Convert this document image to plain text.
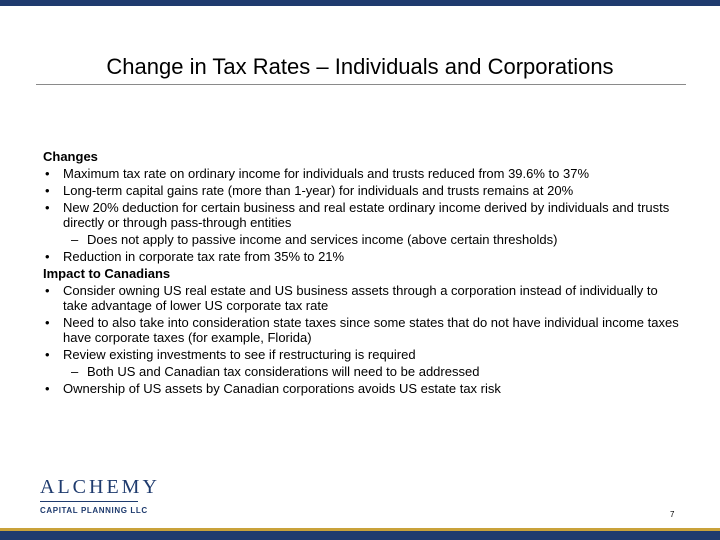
Change in Tax Rates – Individuals and Corporations

Changes

• Maximum tax rate on ordinary income for individuals and trusts reduced from 39.6% to 37%
• Long-term capital gains rate (more than 1-year) for individuals and trusts remains at 20%
• New 20% deduction for certain business and real estate ordinary income derived by individuals and trusts directly or through pass-through entities
– Does not apply to passive income and services income (above certain thresholds)
• Reduction in corporate tax rate from 35% to 21%

Impact to Canadians

• Consider owning US real estate and US business assets through a corporation instead of individually to take advantage of lower US corporate tax rate
• Need to also take into consideration state taxes since some states that do not have individual income taxes have corporate taxes (for example, Florida)
• Review existing investments to see if restructuring is required
– Both US and Canadian tax considerations will need to be addressed
• Ownership of US assets by Canadian corporations avoids US estate tax risk
ALCHEMY
CAPITAL PLANNING LLC	7
